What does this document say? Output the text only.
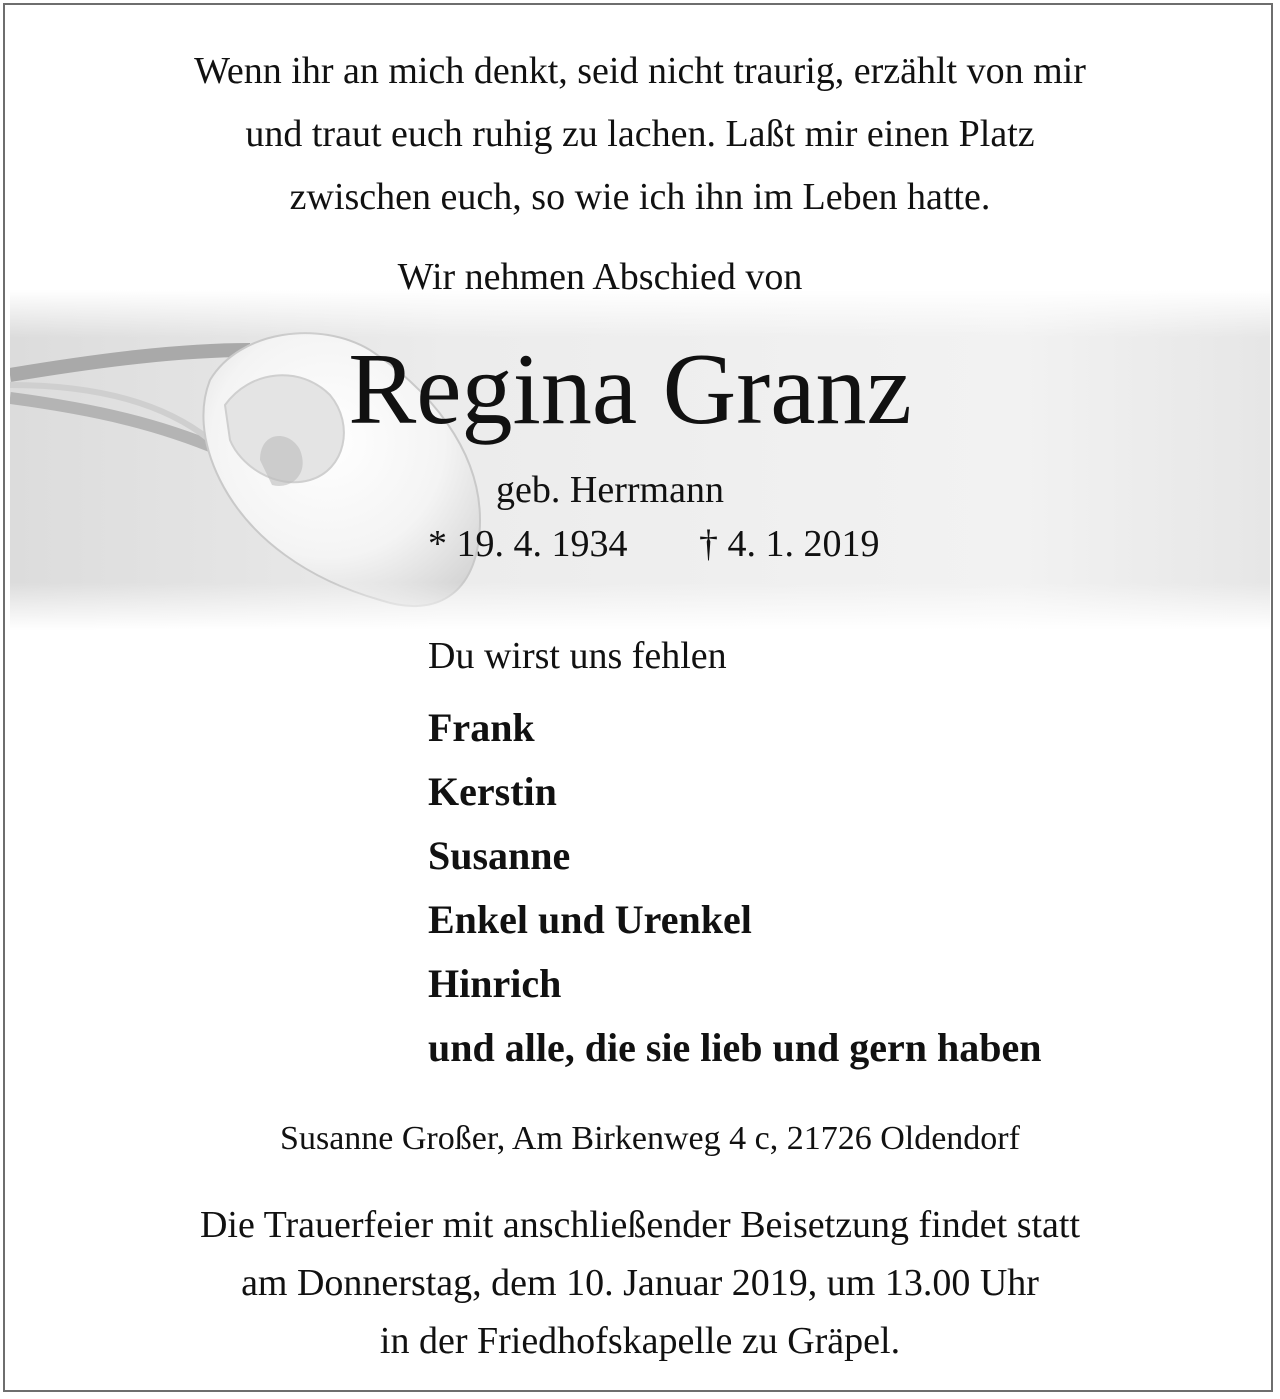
Wenn ihr an mich denkt, seid nicht traurig, erzählt von mir
und traut euch ruhig zu lachen. Laßt mir einen Platz
zwischen euch, so wie ich ihn im Leben hatte.
Wir nehmen Abschied von
Regina Granz
geb. Herrmann
* 19. 4. 1934 † 4. 1. 2019
Du wirst uns fehlen
Frank
Kerstin
Susanne
Enkel und Urenkel
Hinrich
und alle, die sie lieb und gern haben
Susanne Großer, Am Birkenweg 4 c, 21726 Oldendorf
Die Trauerfeier mit anschließender Beisetzung findet statt
am Donnerstag, dem 10. Januar 2019, um 13.00 Uhr
in der Friedhofskapelle zu Gräpel.
